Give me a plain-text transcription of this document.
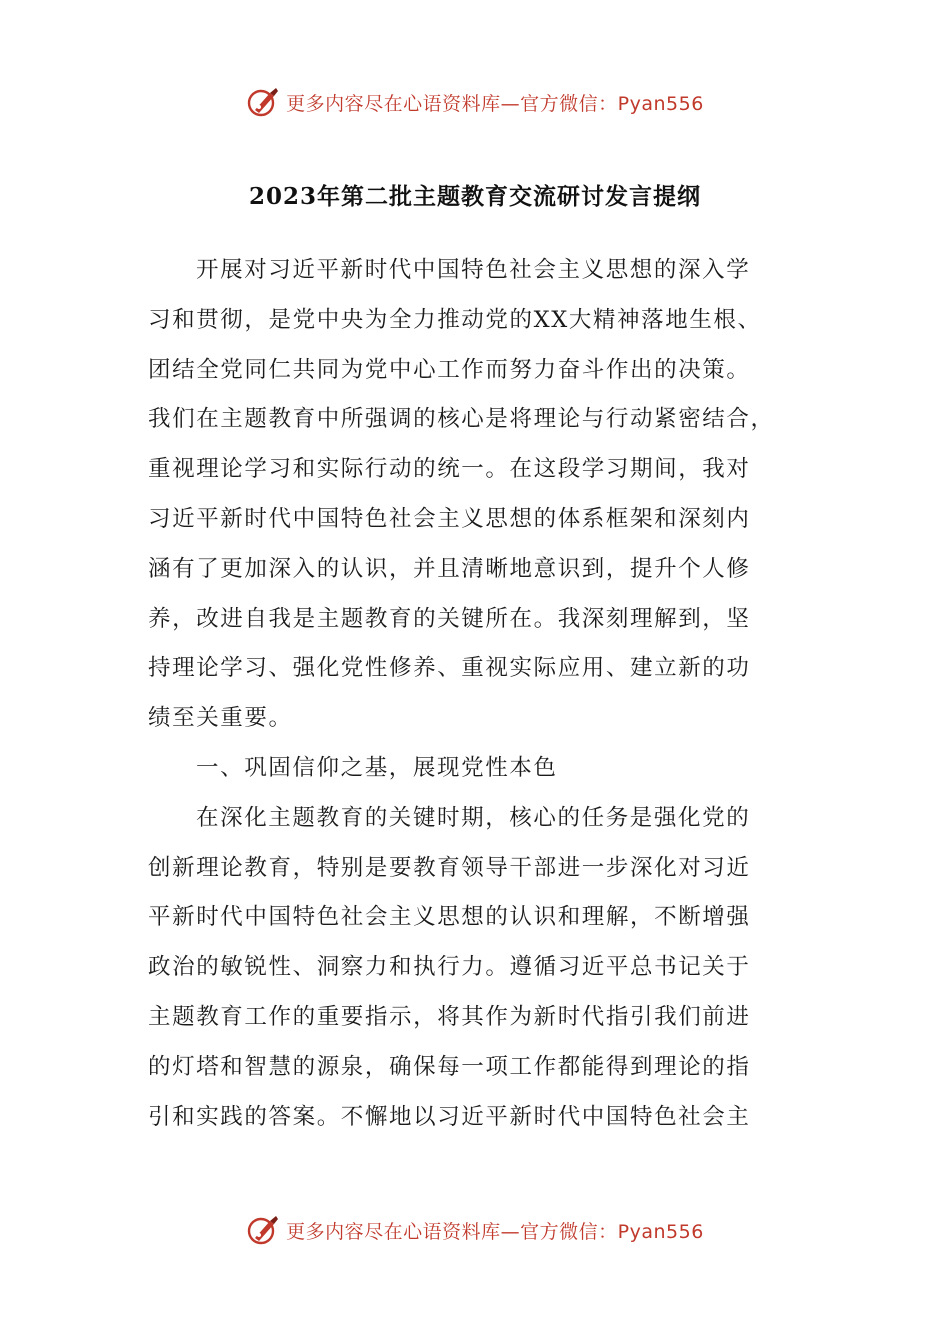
更多内容尽在心语资料库—官方微信：Pyan556
2023年第二批主题教育交流研讨发言提纲
开展对习近平新时代中国特色社会主义思想的深入学
习和贯彻，是党中央为全力推动党的XX大精神落地生根、
团结全党同仁共同为党中心工作而努力奋斗作出的决策。
我们在主题教育中所强调的核心是将理论与行动紧密结合，
重视理论学习和实际行动的统一。在这段学习期间，我对
习近平新时代中国特色社会主义思想的体系框架和深刻内
涵有了更加深入的认识，并且清晰地意识到，提升个人修
养，改进自我是主题教育的关键所在。我深刻理解到，坚
持理论学习、强化党性修养、重视实际应用、建立新的功
绩至关重要。
一、巩固信仰之基，展现党性本色
在深化主题教育的关键时期，核心的任务是强化党的
创新理论教育，特别是要教育领导干部进一步深化对习近
平新时代中国特色社会主义思想的认识和理解，不断增强
政治的敏锐性、洞察力和执行力。遵循习近平总书记关于
主题教育工作的重要指示，将其作为新时代指引我们前进
的灯塔和智慧的源泉，确保每一项工作都能得到理论的指
引和实践的答案。不懈地以习近平新时代中国特色社会主
更多内容尽在心语资料库—官方微信：Pyan556
